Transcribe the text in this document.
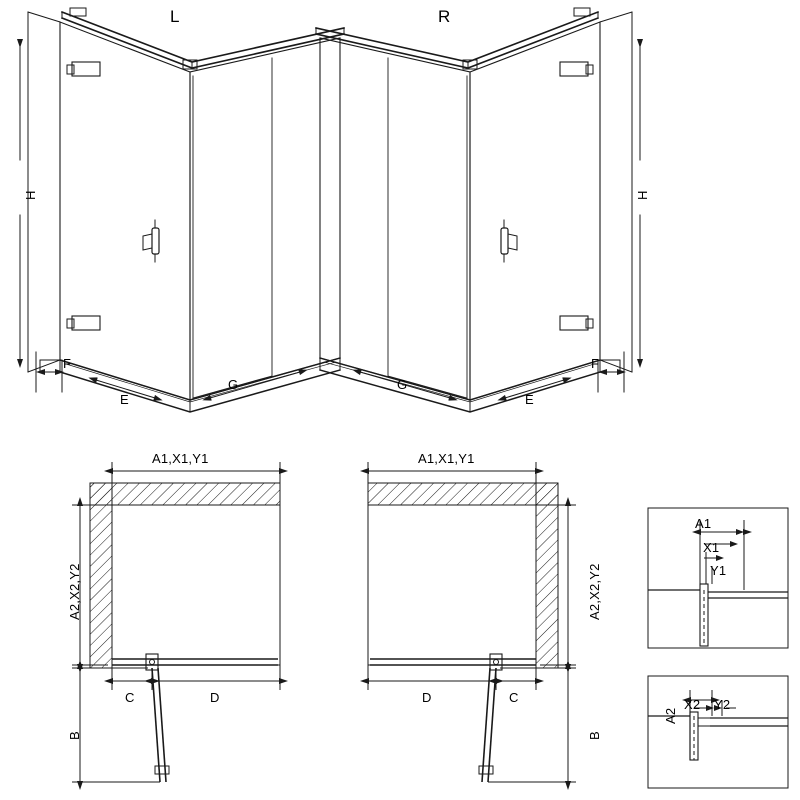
L	R
H	H
F
E
G	G
E
F
A1,X1,Y1
A2,X2,Y2
C	D
B
A1,X1,Y1
A2,X2,Y2
D	C
B
A1
X1
Y1
A2
X2 Y2
